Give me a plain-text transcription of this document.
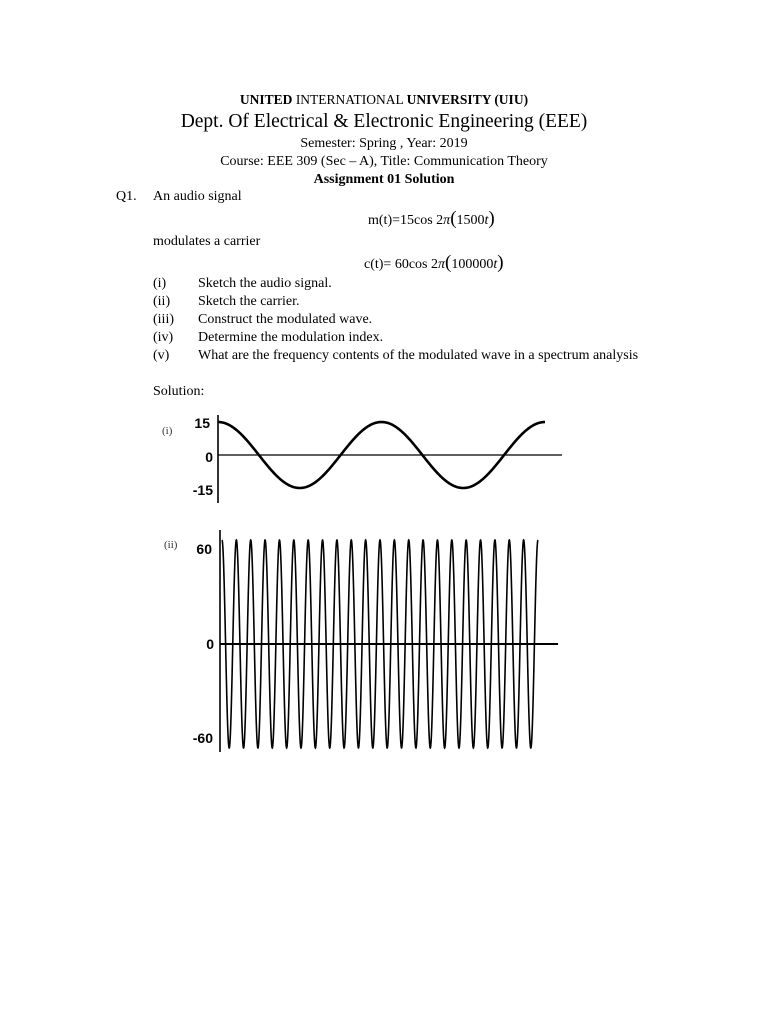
UNITED INTERNATIONAL UNIVERSITY (UIU)
Dept. Of Electrical & Electronic Engineering (EEE)
Semester: Spring , Year: 2019
Course: EEE 309 (Sec – A), Title: Communication Theory
Assignment 01 Solution
Q1. An audio signal
m(t)=15cos 2π(1500t)
modulates a carrier
c(t)= 60cos 2π(100000t)
(i) Sketch the audio signal.
(ii) Sketch the carrier.
(iii) Construct the modulated wave.
(iv) Determine the modulation index.
(v) What are the frequency contents of the modulated wave in a spectrum analysis
Solution:
(i) 15
0
-15
(ii) 60
0
-60
